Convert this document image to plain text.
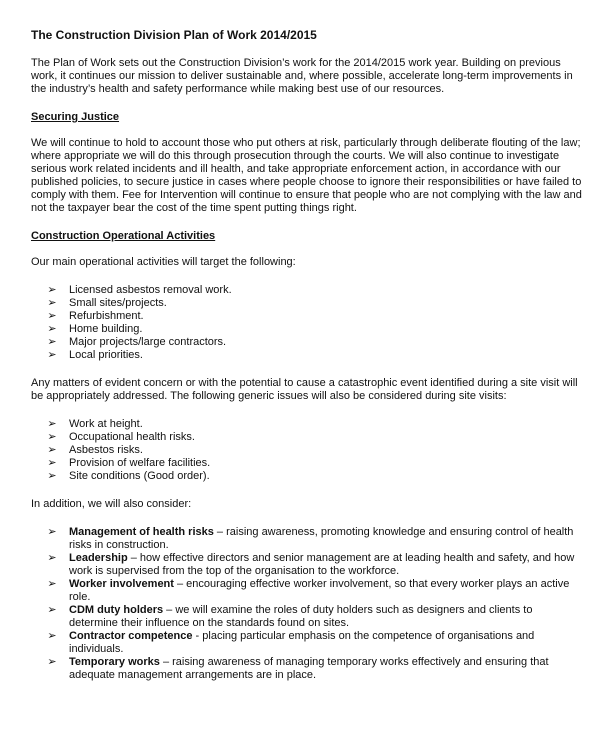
The Construction Division Plan of Work 2014/2015
The Plan of Work sets out the Construction Division’s work for the 2014/2015 work year. Building on previous work, it continues our mission to deliver sustainable and, where possible, accelerate long-term improvements in the industry’s health and safety performance while making best use of our resources.
Securing Justice
We will continue to hold to account those who put others at risk, particularly through deliberate flouting of the law; where appropriate we will do this through prosecution through the courts. We will also continue to investigate serious work related incidents and ill health, and take appropriate enforcement action, in accordance with our published policies, to secure justice in cases where people choose to ignore their responsibilities or have failed to comply with them. Fee for Intervention will continue to ensure that people who are not complying with the law and not the taxpayer bear the cost of the time spent putting things right.
Construction Operational Activities
Our main operational activities will target the following:
➢ Licensed asbestos removal work.
➢ Small sites/projects.
➢ Refurbishment.
➢ Home building.
➢ Major projects/large contractors.
➢ Local priorities.
Any matters of evident concern or with the potential to cause a catastrophic event identified during a site visit will be appropriately addressed. The following generic issues will also be considered during site visits:
➢ Work at height.
➢ Occupational health risks.
➢ Asbestos risks.
➢ Provision of welfare facilities.
➢ Site conditions (Good order).
In addition, we will also consider:
➢ Management of health risks – raising awareness, promoting knowledge and ensuring control of health risks in construction.
➢ Leadership – how effective directors and senior management are at leading health and safety, and how work is supervised from the top of the organisation to the workforce.
➢ Worker involvement – encouraging effective worker involvement, so that every worker plays an active role.
➢ CDM duty holders – we will examine the roles of duty holders such as designers and clients to determine their influence on the standards found on sites.
➢ Contractor competence - placing particular emphasis on the competence of organisations and individuals.
➢ Temporary works – raising awareness of managing temporary works effectively and ensuring that adequate management arrangements are in place.
